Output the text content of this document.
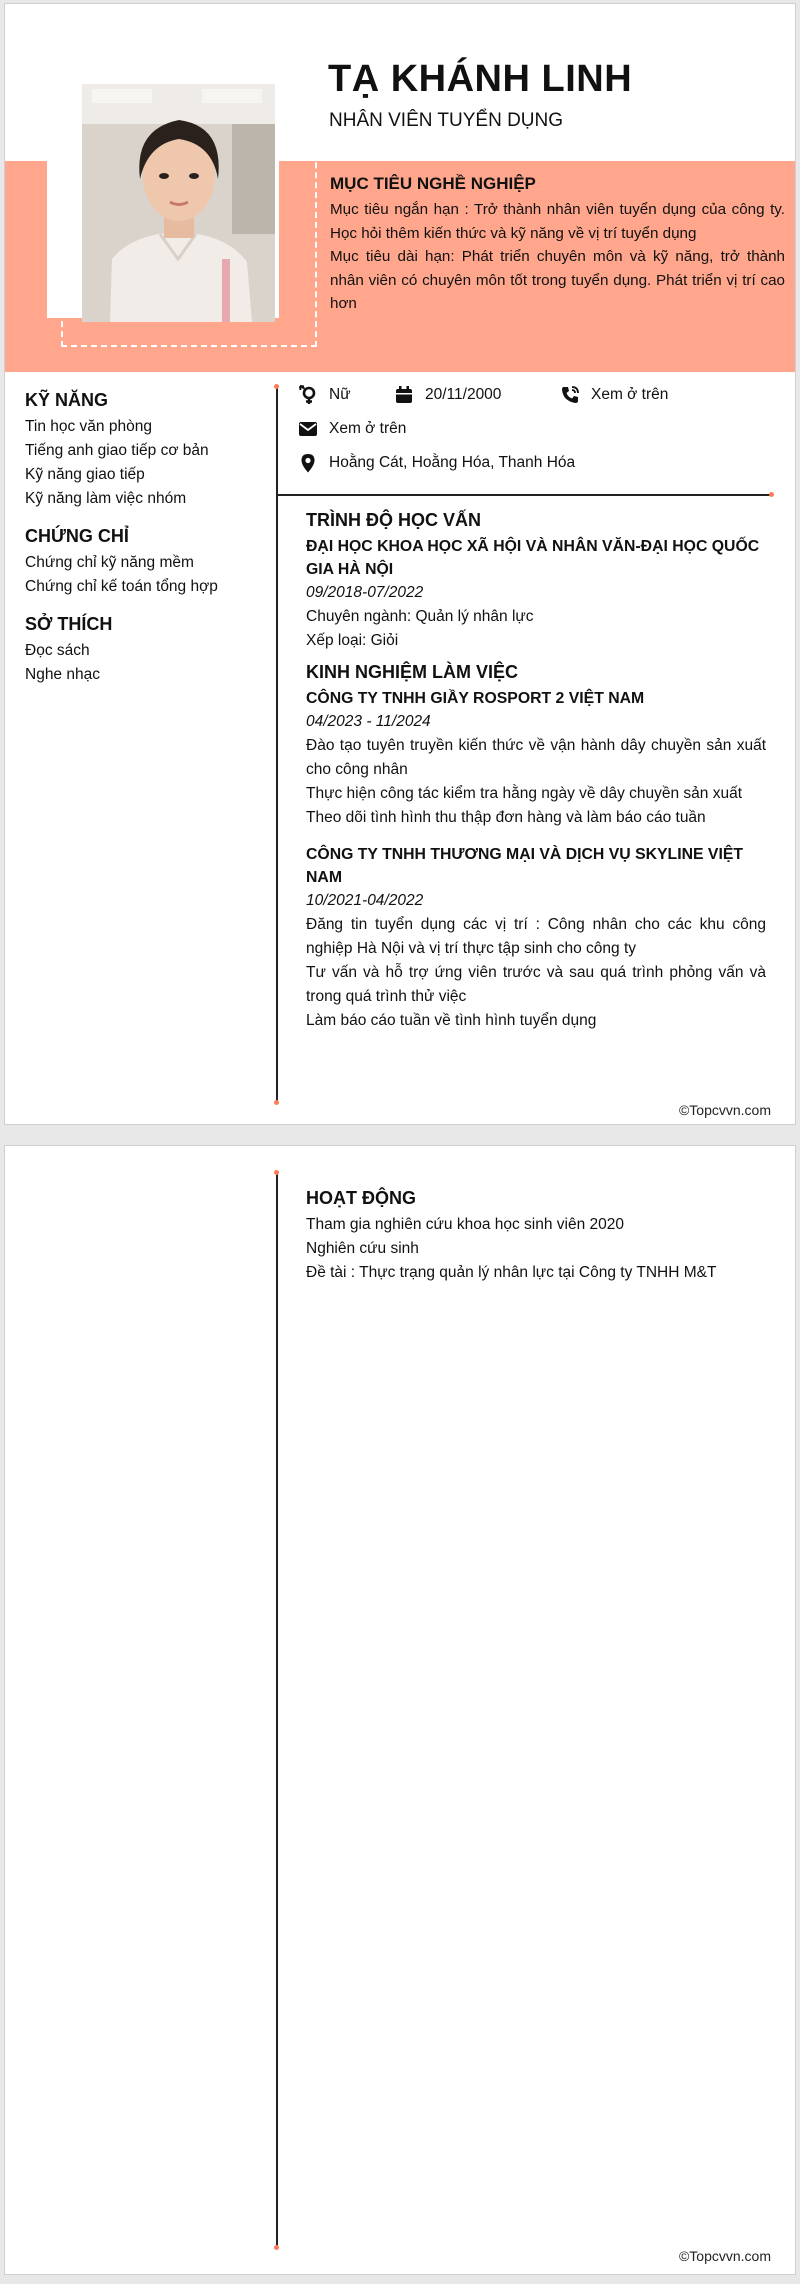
TẠ KHÁNH LINH
NHÂN VIÊN TUYỂN DỤNG
MỤC TIÊU NGHỀ NGHIỆP

Mục tiêu ngắn hạn : Trở thành nhân viên tuyển dụng của công ty. Học hỏi thêm kiến thức và kỹ năng về vị trí tuyển dụng

Mục tiêu dài hạn: Phát triển chuyên môn và kỹ năng, trở thành nhân viên có chuyên môn tốt trong tuyển dụng. Phát triển vị trí cao hơn

KỸ NĂNG
Tin học văn phòng
Tiếng anh giao tiếp cơ bản
Kỹ năng giao tiếp
Kỹ năng làm việc nhóm
CHỨNG CHỈ
Chứng chỉ kỹ năng mềm
Chứng chỉ kế toán tổng hợp
SỞ THÍCH
Đọc sách
Nghe nhạc
Nữ	20/11/2000	Xem ở trên
Xem ở trên
Hoằng Cát, Hoằng Hóa, Thanh Hóa
TRÌNH ĐỘ HỌC VẤN
ĐẠI HỌC KHOA HỌC XÃ HỘI VÀ NHÂN VĂN-ĐẠI HỌC QUỐC GIA HÀ NỘI
09/2018-07/2022
Chuyên ngành: Quản lý nhân lực
Xếp loại: Giỏi
KINH NGHIỆM LÀM VIỆC
CÔNG TY TNHH GIẦY ROSPORT 2 VIỆT NAM
04/2023 - 11/2024
Đào tạo tuyên truyền kiến thức về vận hành dây chuyền sản xuất cho công nhân
Thực hiện công tác kiểm tra hằng ngày về dây chuyền sản xuất
Theo dõi tình hình thu thập đơn hàng và làm báo cáo tuần
CÔNG TY TNHH THƯƠNG MẠI VÀ DỊCH VỤ SKYLINE VIỆT NAM
10/2021-04/2022
Đăng tin tuyển dụng các vị trí : Công nhân cho các khu công nghiệp Hà Nội và vị trí thực tập sinh cho công ty
Tư vấn và hỗ trợ ứng viên trước và sau quá trình phỏng vấn và trong quá trình thử việc
Làm báo cáo tuần về tình hình tuyển dụng
©Topcvvn.com
HOẠT ĐỘNG
Tham gia nghiên cứu khoa học sinh viên 2020
Nghiên cứu sinh
Đề tài : Thực trạng quản lý nhân lực tại Công ty TNHH M&T
©Topcvvn.com
